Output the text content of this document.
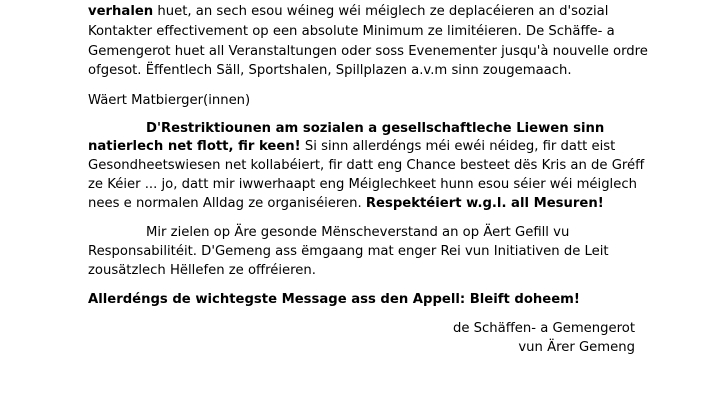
verhalen huet, an sech esou wéineg wéi méiglech ze deplacéieren an d'sozial
Kontakter effectivement op een absolute Minimum ze limitéieren. De Schäffe- a
Gemengerot huet all Veranstaltungen oder soss Evenementer jusqu'à nouvelle ordre
ofgesot. Ëffentlech Säll, Sportshalen, Spillplazen a.v.m sinn zougemaach.
Wäert Matbierger(innen)
D'Restriktiounen am sozialen a gesellschaftleche Liewen sinn
natierlech net flott, fir keen! Si sinn allerdéngs méi ewéi néideg, fir datt eist
Gesondheetswiesen net kollabéiert, fir datt eng Chance besteet dës Kris an de Gréff
ze Kéier ... jo, datt mir iwwerhaapt eng Méiglechkeet hunn esou séier wéi méiglech
nees e normalen Alldag ze organiséieren. Respektéiert w.g.l. all Mesuren!
Mir zielen op Äre gesonde Mënscheverstand an op Äert Gefill vu
Responsabilitéit. D'Gemeng ass ëmgaang mat enger Rei vun Initiativen de Leit
zousätzlech Hëllefen ze offréieren.
Allerdéngs de wichtegste Message ass den Appell: Bleift doheem!
de Schäffen- a Gemengerot
vun Ärer Gemeng
